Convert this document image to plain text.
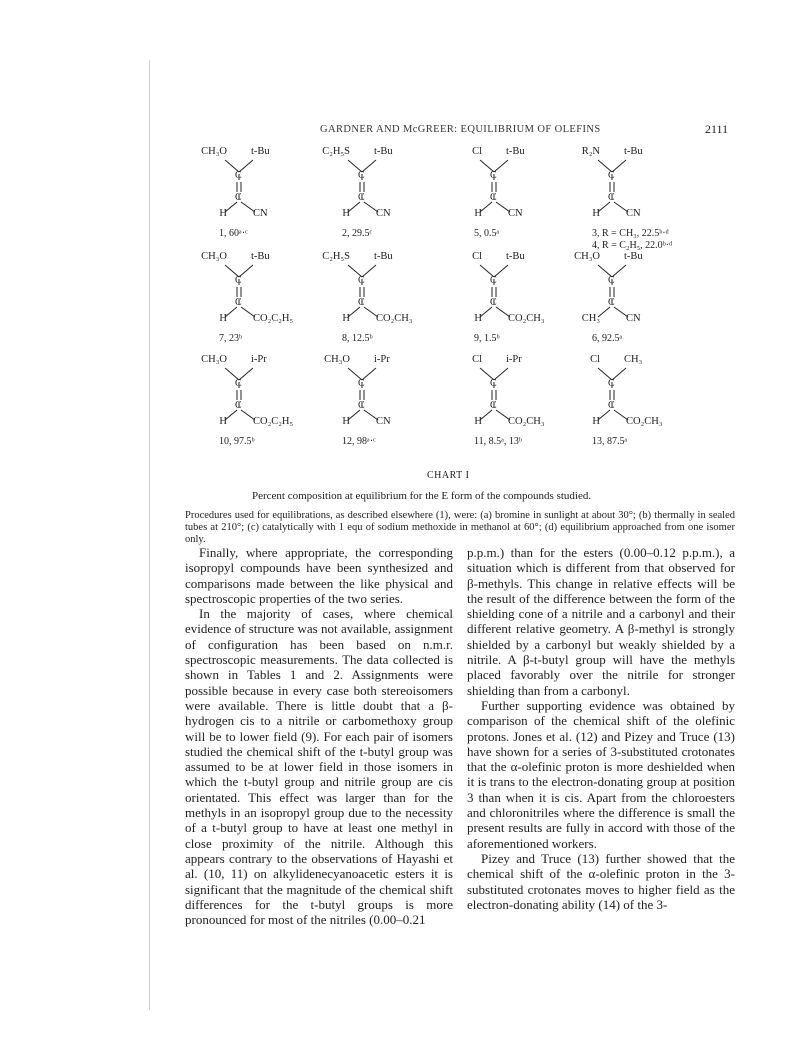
GARDNER AND McGREER: EQUILIBRIUM OF OLEFINS	2111
C
C
CH₃O t-Bu
H CN
1, 60ᵃ·ᶜ
C
C
C₂H₅S t-Bu
H CN
2, 29.5ᶜ
C
C
Cl t-Bu
H CN
5, 0.5ᵃ
C
C
R₂N t-Bu
H CN
3, R = CH₃, 22.5ᵇ·ᵈ
4, R = C₂H₅, 22.0ᵇ·ᵈ
C
C
CH₃O t-Bu
H CO₂C₂H₅
7, 23ᵇ
C
C
C₂H₅S t-Bu
H CO₂CH₃
8, 12.5ᵇ
C
C
Cl t-Bu
H CO₂CH₃
9, 1.5ᵇ
C
C
CH₃O t-Bu
CH₃ CN
6, 92.5ᵃ
C
C
CH₃O i-Pr
H CO₂C₂H₅
10, 97.5ᵇ
C
C
CH₃O i-Pr
H CN
12, 98ᵃ·ᶜ
C
C
Cl i-Pr
H CO₂CH₃
11, 8.5ᵃ, 13ᵇ
C
C
Cl CH₃
H CO₂CH₃
13, 87.5ᵃ
CHART I
Percent composition at equilibrium for the E form of the compounds studied.
Procedures used for equilibrations, as described elsewhere (1), were: (a) bromine in sunlight at about 30°; (b) thermally in sealed tubes at 210°; (c) catalytically with 1 equ of sodium methoxide in methanol at 60°; (d) equilibrium approached from one isomer only.

Finally, where appropriate, the corresponding isopropyl compounds have been synthesized and comparisons made between the like physical and spectroscopic properties of the two series.

In the majority of cases, where chemical evidence of structure was not available, assignment of configuration has been based on n.m.r. spectroscopic measurements. The data collected is shown in Tables 1 and 2. Assignments were possible because in every case both stereoisomers were available. There is little doubt that a β-hydrogen cis to a nitrile or carbomethoxy group will be to lower field (9). For each pair of isomers studied the chemical shift of the t-butyl group was assumed to be at lower field in those isomers in which the t-butyl group and nitrile group are cis orientated. This effect was larger than for the methyls in an isopropyl group due to the necessity of a t-butyl group to have at least one methyl in close proximity of the nitrile. Although this appears contrary to the observations of Hayashi et al. (10, 11) on alkylidenecyanoacetic esters it is significant that the magnitude of the chemical shift differences for the t-butyl groups is more pronounced for most of the nitriles (0.00–0.21

p.p.m.) than for the esters (0.00–0.12 p.p.m.), a situation which is different from that observed for β-methyls. This change in relative effects will be the result of the difference between the form of the shielding cone of a nitrile and a carbonyl and their different relative geometry. A β-methyl is strongly shielded by a carbonyl but weakly shielded by a nitrile. A β-t-butyl group will have the methyls placed favorably over the nitrile for stronger shielding than from a carbonyl.

Further supporting evidence was obtained by comparison of the chemical shift of the olefinic protons. Jones et al. (12) and Pizey and Truce (13) have shown for a series of 3-substituted crotonates that the α-olefinic proton is more deshielded when it is trans to the electron-donating group at position 3 than when it is cis. Apart from the chloroesters and chloronitriles where the difference is small the present results are fully in accord with those of the aforementioned workers.

Pizey and Truce (13) further showed that the chemical shift of the α-olefinic proton in the 3-substituted crotonates moves to higher field as the electron-donating ability (14) of the 3-
